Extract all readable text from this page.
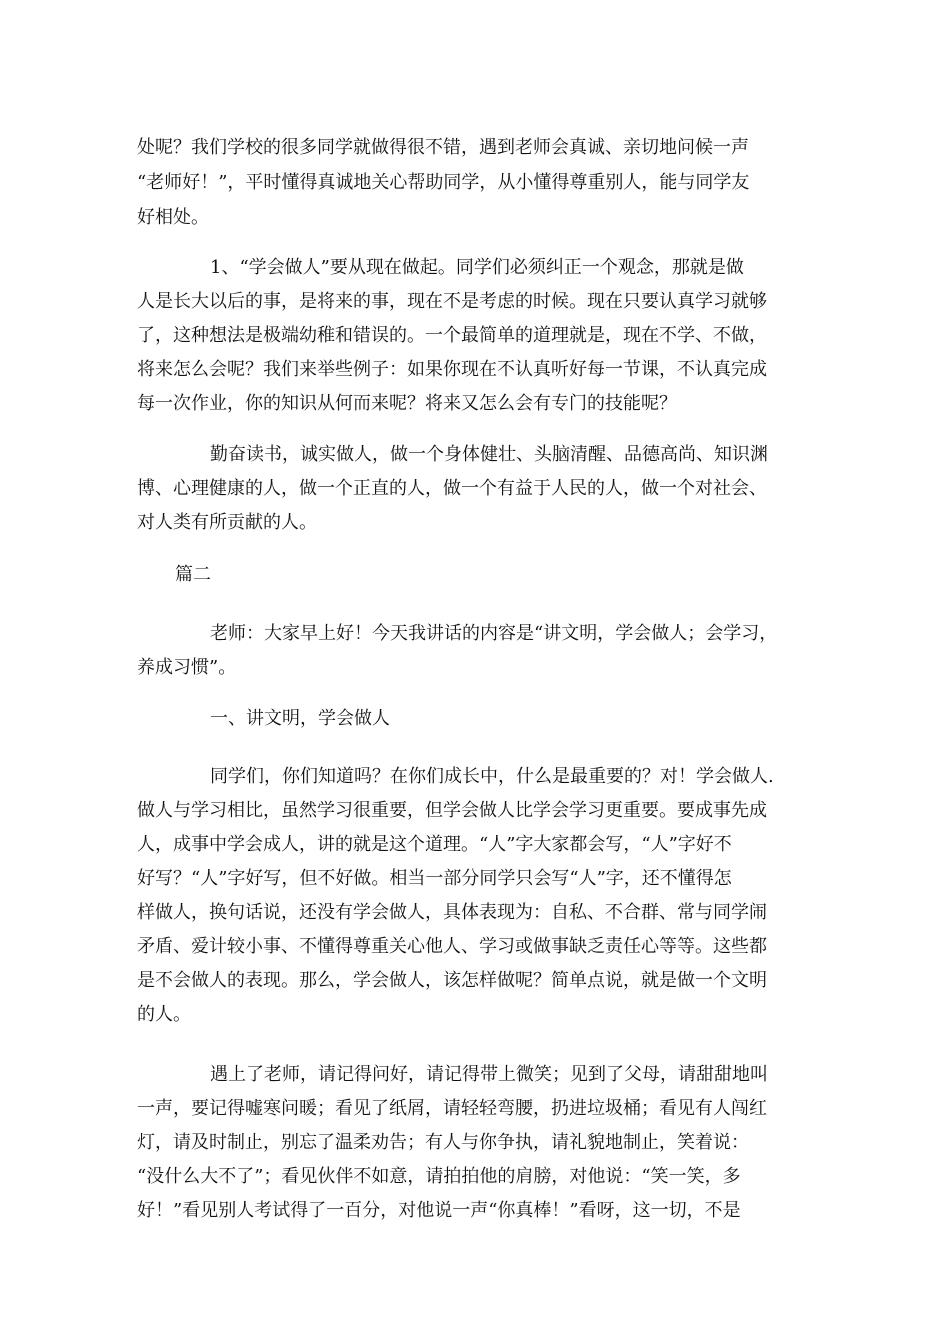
处呢？我们学校的很多同学就做得很不错，遇到老师会真诚、亲切地问候一声

“老师好！”，平时懂得真诚地关心帮助同学，从小懂得尊重别人，能与同学友

好相处。

1、“学会做人”要从现在做起。同学们必须纠正一个观念，那就是做

人是长大以后的事，是将来的事，现在不是考虑的时候。现在只要认真学习就够

了，这种想法是极端幼稚和错误的。一个最简单的道理就是，现在不学、不做，

将来怎么会呢？我们来举些例子：如果你现在不认真听好每一节课，不认真完成

每一次作业，你的知识从何而来呢？将来又怎么会有专门的技能呢？

勤奋读书，诚实做人，做一个身体健壮、头脑清醒、品德高尚、知识渊

博、心理健康的人，做一个正直的人，做一个有益于人民的人，做一个对社会、

对人类有所贡献的人。

篇二

老师：大家早上好！今天我讲话的内容是“讲文明，学会做人；会学习，

养成习惯”。

一、讲文明，学会做人

同学们，你们知道吗？在你们成长中，什么是最重要的？对！学会做人.

做人与学习相比，虽然学习很重要，但学会做人比学会学习更重要。要成事先成

人，成事中学会成人，讲的就是这个道理。“人”字大家都会写，“人”字好不

好写？“人”字好写，但不好做。相当一部分同学只会写“人”字，还不懂得怎

样做人，换句话说，还没有学会做人，具体表现为：自私、不合群、常与同学闹

矛盾、爱计较小事、不懂得尊重关心他人、学习或做事缺乏责任心等等。这些都

是不会做人的表现。那么，学会做人，该怎样做呢？简单点说，就是做一个文明

的人。

遇上了老师，请记得问好，请记得带上微笑；见到了父母，请甜甜地叫

一声，要记得嘘寒问暖；看见了纸屑，请轻轻弯腰，扔进垃圾桶；看见有人闯红

灯，请及时制止，别忘了温柔劝告；有人与你争执，请礼貌地制止，笑着说：

“没什么大不了”；看见伙伴不如意，请拍拍他的肩膀，对他说：“笑一笑，多

好！”看见别人考试得了一百分，对他说一声“你真棒！”看呀，这一切，不是
